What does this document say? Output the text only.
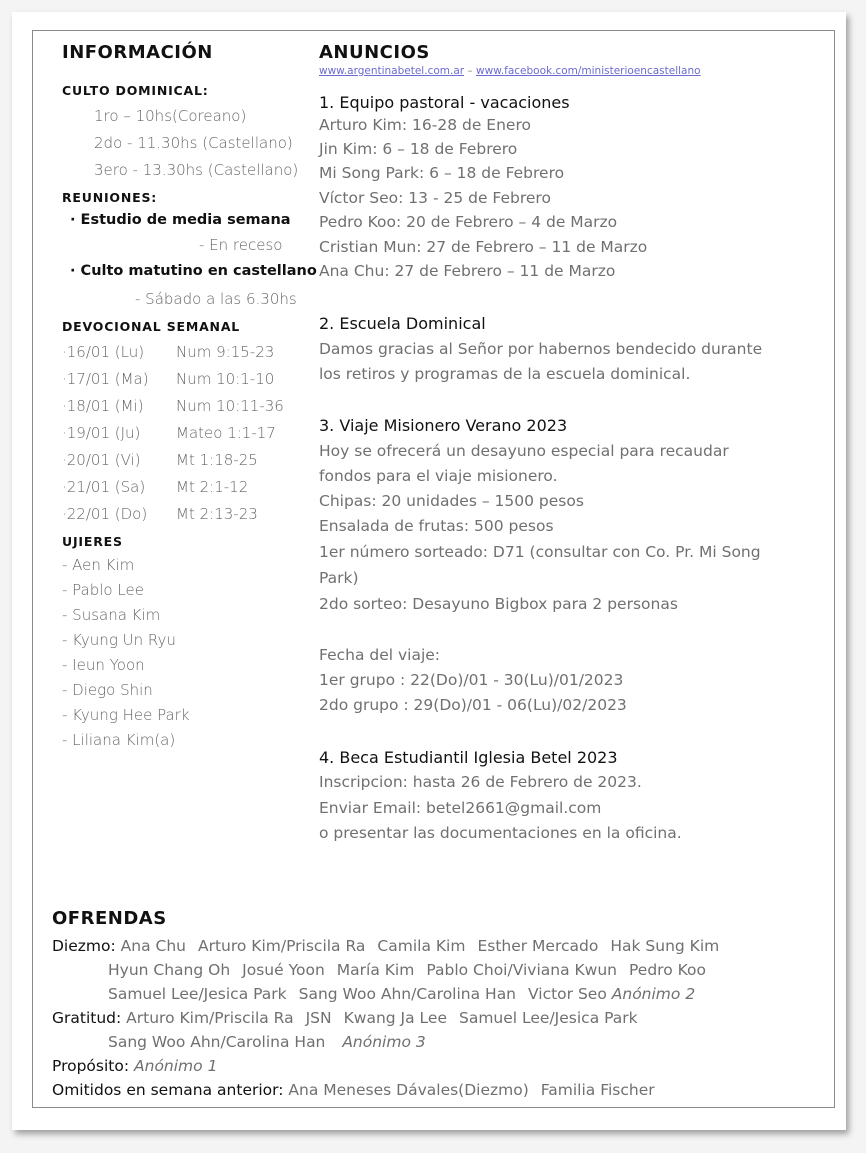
INFORMACIÓN
CULTO DOMINICAL:
1ro – 10hs(Coreano)
2do - 11.30hs (Castellano)
3ero - 13.30hs (Castellano)
REUNIONES:
· Estudio de media semana
- En receso
· Culto matutino en castellano
- Sábado a las 6.30hs
DEVOCIONAL SEMANAL
·16/01 (Lu) Num 9:15-23
·17/01 (Ma) Num 10:1-10
·18/01 (Mi) Num 10:11-36
·19/01 (Ju) Mateo 1:1-17
·20/01 (Vi) Mt 1:18-25
·21/01 (Sa) Mt 2:1-12
·22/01 (Do) Mt 2:13-23
UJIERES
- Aen Kim
- Pablo Lee
- Susana Kim
- Kyung Un Ryu
- Ieun Yoon
- Diego Shin
- Kyung Hee Park
- Liliana Kim(a)
ANUNCIOS
www.argentinabetel.com.ar – www.facebook.com/ministerioencastellano
1. Equipo pastoral - vacaciones
Arturo Kim: 16-28 de Enero
Jin Kim: 6 – 18 de Febrero
Mi Song Park: 6 – 18 de Febrero
Víctor Seo: 13 - 25 de Febrero
Pedro Koo: 20 de Febrero – 4 de Marzo
Cristian Mun: 27 de Febrero – 11 de Marzo
Ana Chu: 27 de Febrero – 11 de Marzo
2. Escuela Dominical
Damos gracias al Señor por habernos bendecido durante
los retiros y programas de la escuela dominical.
3. Viaje Misionero Verano 2023
Hoy se ofrecerá un desayuno especial para recaudar
fondos para el viaje misionero.
Chipas: 20 unidades – 1500 pesos
Ensalada de frutas: 500 pesos
1er número sorteado: D71 (consultar con Co. Pr. Mi Song
Park)
2do sorteo: Desayuno Bigbox para 2 personas
Fecha del viaje:
1er grupo : 22(Do)/01 - 30(Lu)/01/2023
2do grupo : 29(Do)/01 - 06(Lu)/02/2023
4. Beca Estudiantil Iglesia Betel 2023
Inscripcion: hasta 26 de Febrero de 2023.
Enviar Email: betel2661@gmail.com
o presentar las documentaciones en la oficina.
OFRENDAS
Diezmo: Ana Chu Arturo Kim/Priscila Ra Camila Kim Esther Mercado Hak Sung Kim
Hyun Chang Oh Josué Yoon María Kim Pablo Choi/Viviana Kwun Pedro Koo
Samuel Lee/Jesica Park Sang Woo Ahn/Carolina Han Victor Seo Anónimo 2
Gratitud: Arturo Kim/Priscila Ra JSN Kwang Ja Lee Samuel Lee/Jesica Park
Sang Woo Ahn/Carolina Han Anónimo 3
Propósito: Anónimo 1
Omitidos en semana anterior: Ana Meneses Dávales(Diezmo) Familia Fischer
